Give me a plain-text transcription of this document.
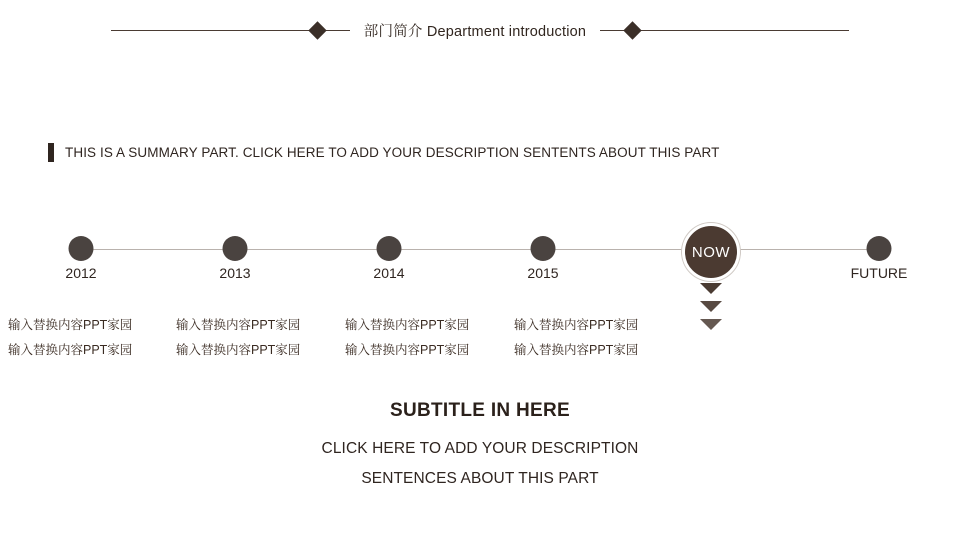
部门简介 Department introduction
THIS IS A SUMMARY PART. CLICK HERE TO ADD YOUR DESCRIPTION SENTENTS ABOUT THIS PART
NOW
2012	2013	2014	2015	FUTURE
输入替换内容PPT家园
输入替换内容PPT家园
输入替换内容PPT家园
输入替换内容PPT家园
输入替换内容PPT家园
输入替换内容PPT家园
输入替换内容PPT家园
输入替换内容PPT家园
SUBTITLE IN HERE
CLICK HERE TO ADD YOUR DESCRIPTION
SENTENCES ABOUT THIS PART
